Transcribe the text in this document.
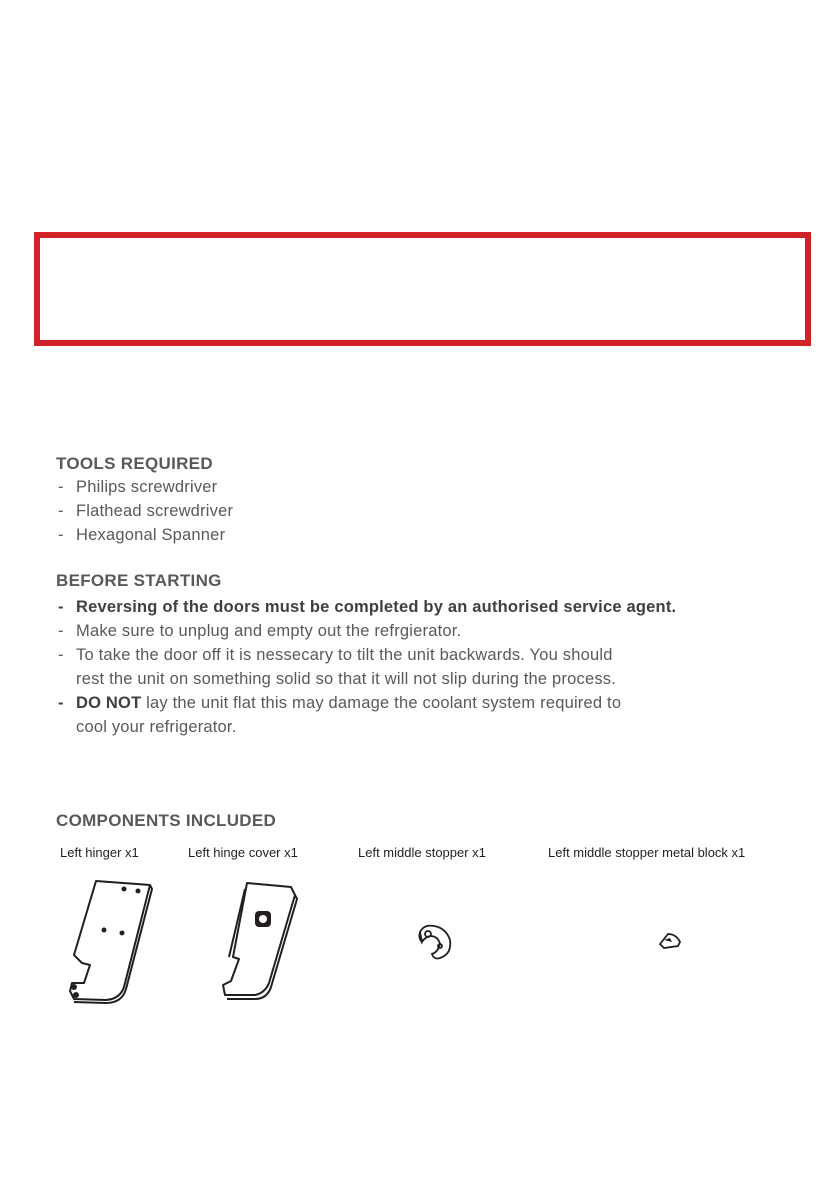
TOOLS REQUIRED
- Philips screwdriver
- Flathead screwdriver
- Hexagonal Spanner
BEFORE STARTING
- Reversing of the doors must be completed by an authorised service agent.
- Make sure to unplug and empty out the refrgierator.
- To take the door off it is nessecary to tilt the unit backwards. You should
rest the unit on something solid so that it will not slip during the process.
- DO NOT lay the unit flat this may damage the coolant system required to
cool your refrigerator.
COMPONENTS INCLUDED
Left hinger x1	Left hinge cover x1	Left middle stopper x1	Left middle stopper metal block x1
